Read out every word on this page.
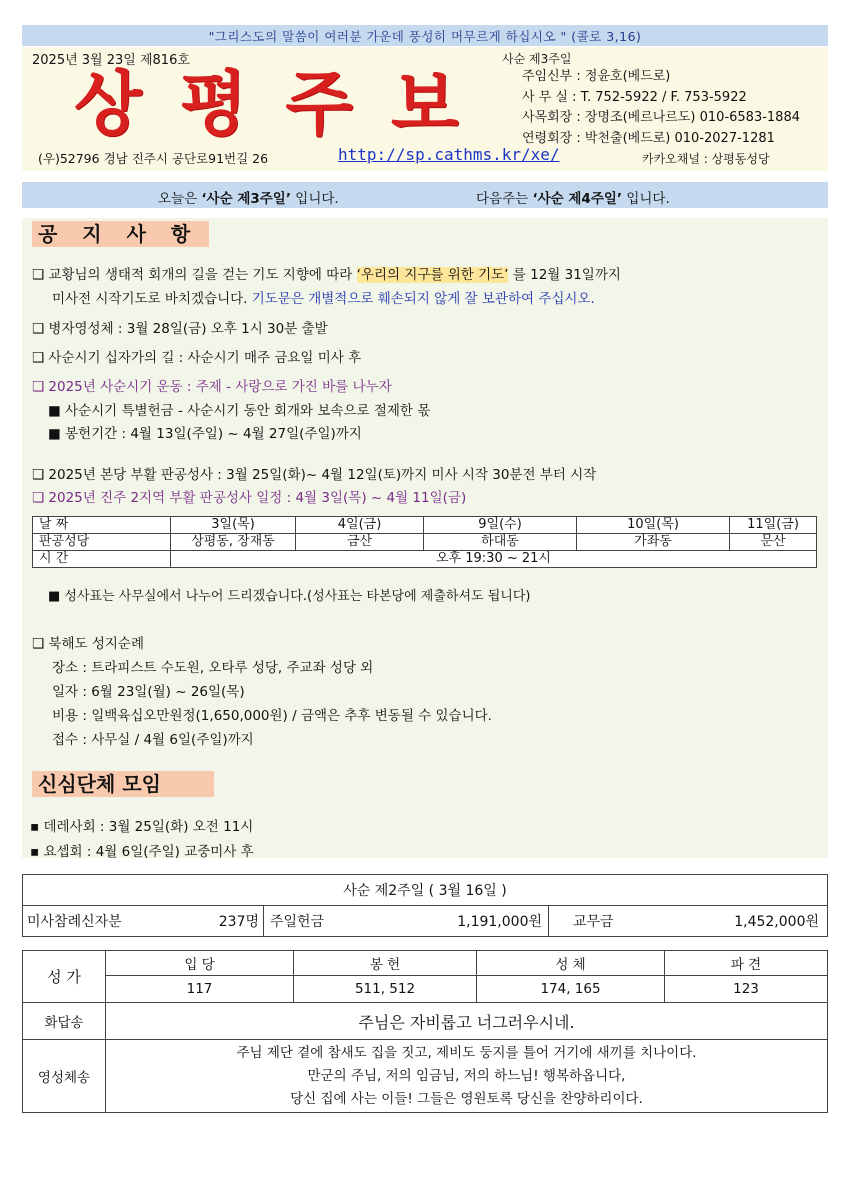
"그리스도의 말씀이 여러분 가운데 풍성히 머무르게 하십시오 " (콜로 3,16)
2025년 3월 23일 제816호	사순 제3주일
상평주보 주임신부 : 정윤호(베드로)
사 무 실 : T. 752-5922 / F. 753-5922
사목회장 : 장명조(베르나르도) 010-6583-1884
연령회장 : 박천출(베드로) 010-2027-1281
(우)52796 경남 진주시 공단로91번길 26	http://sp.cathms.kr/xe/	카카오채널 : 상평동성당
오늘은 ‘사순 제3주일’ 입니다.	다음주는 ‘사순 제4주일’ 입니다.
공 지 사 항
❑ 교황님의 생태적 회개의 길을 걷는 기도 지향에 따라 ‘우리의 지구를 위한 기도’ 를 12월 31일까지
미사전 시작기도로 바치겠습니다. 기도문은 개별적으로 훼손되지 않게 잘 보관하여 주십시오.
❑ 병자영성체 : 3월 28일(금) 오후 1시 30분 출발
❑ 사순시기 십자가의 길 : 사순시기 매주 금요일 미사 후
❑ 2025년 사순시기 운동 : 주제 - 사랑으로 가진 바를 나누자
■ 사순시기 특별헌금 - 사순시기 동안 회개와 보속으로 절제한 몫
■ 봉헌기간 : 4월 13일(주일) ~ 4월 27일(주일)까지
❑ 2025년 본당 부활 판공성사 : 3월 25일(화)~ 4월 12일(토)까지 미사 시작 30분전 부터 시작
❑ 2025년 진주 2지역 부활 판공성사 일정 : 4월 3일(목) ~ 4월 11일(금)
날 짜	3일(목)	4일(금)	9일(수)	10일(목)	11일(금)
판공성당	상평동, 장재동	금산	하대동	가좌동	문산
시 간	오후 19:30 ~ 21시				
■ 성사표는 사무실에서 나누어 드리겠습니다.(성사표는 타본당에 제출하셔도 됩니다)
❑ 북해도 성지순례
장소 : 트라피스트 수도원, 오타루 성당, 주교좌 성당 외
일자 : 6월 23일(월) ~ 26일(목)
비용 : 일백육십오만원정(1,650,000원) / 금액은 추후 변동될 수 있습니다.
접수 : 사무실 / 4월 6일(주일)까지
신심단체 모임
▪ 데레사회 : 3월 25일(화) 오전 11시
▪ 요셉회 : 4월 6일(주일) 교중미사 후
사순 제2주일 ( 3월 16일 )
미사참례신자분	237명	주일헌금	1,191,000원	교무금	1,452,000원
성 가	입 당	봉 헌	성 체	파 견
	117	511, 512	174, 165	123
화답송	주님은 자비롭고 너그러우시네.			
영성체송	주님 제단 곁에 참새도 집을 짓고, 제비도 둥지를 틀어 거기에 새끼를 치나이다.
만군의 주님, 저의 임금님, 저의 하느님! 행복하옵니다,
당신 집에 사는 이들! 그들은 영원토록 당신을 찬양하리이다.			
